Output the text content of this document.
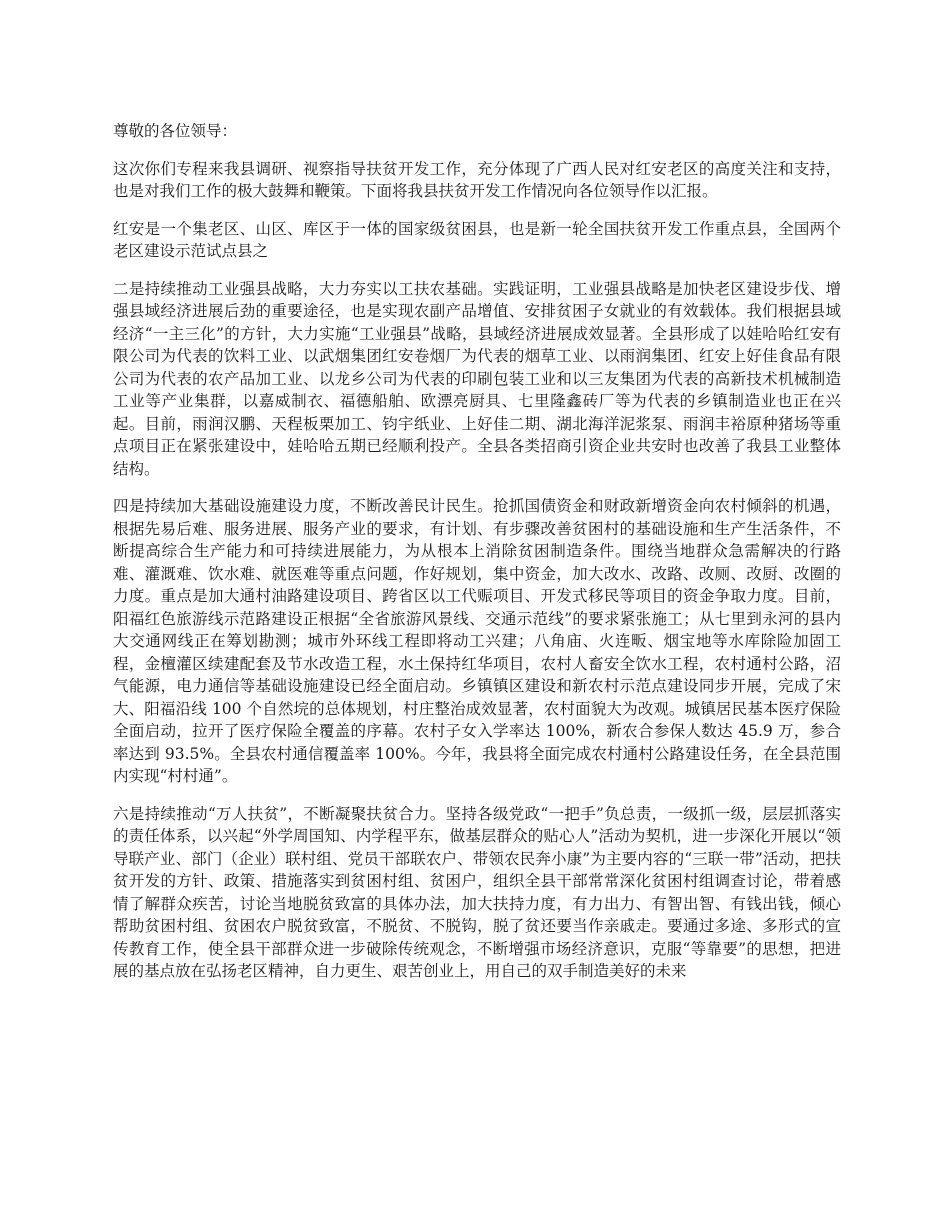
尊敬的各位领导：

这次你们专程来我县调研、视察指导扶贫开发工作，充分体现了广西人民对红安老区的高度关注和支持，也是对我们工作的极大鼓舞和鞭策。下面将我县扶贫开发工作情况向各位领导作以汇报。

红安是一个集老区、山区、库区于一体的国家级贫困县，也是新一轮全国扶贫开发工作重点县，全国两个老区建设示范试点县之

二是持续推动工业强县战略，大力夯实以工扶农基础。实践证明，工业强县战略是加快老区建设步伐、增强县域经济进展后劲的重要途径，也是实现农副产品增值、安排贫困子女就业的有效载体。我们根据县域经济“一主三化”的方针，大力实施“工业强县”战略，县域经济进展成效显著。全县形成了以娃哈哈红安有限公司为代表的饮料工业、以武烟集团红安卷烟厂为代表的烟草工业、以雨润集团、红安上好佳食品有限公司为代表的农产品加工业、以龙乡公司为代表的印刷包装工业和以三友集团为代表的高新技术机械制造工业等产业集群，以嘉威制衣、福德船舶、欧漂亮厨具、七里隆鑫砖厂等为代表的乡镇制造业也正在兴起。目前，雨润汉鹏、天程板栗加工、钧宇纸业、上好佳二期、湖北海洋泥浆泵、雨润丰裕原种猪场等重点项目正在紧张建设中，娃哈哈五期已经顺利投产。全县各类招商引资企业共安时也改善了我县工业整体结构。

四是持续加大基础设施建设力度，不断改善民计民生。抢抓国债资金和财政新增资金向农村倾斜的机遇，根据先易后难、服务进展、服务产业的要求，有计划、有步骤改善贫困村的基础设施和生产生活条件，不断提高综合生产能力和可持续进展能力，为从根本上消除贫困制造条件。围绕当地群众急需解决的行路难、灌溉难、饮水难、就医难等重点问题，作好规划，集中资金，加大改水、改路、改厕、改厨、改圈的力度。重点是加大通村油路建设项目、跨省区以工代赈项目、开发式移民等项目的资金争取力度。目前，阳福红色旅游线示范路建设正根据“全省旅游风景线、交通示范线”的要求紧张施工；从七里到永河的县内大交通网线正在筹划勘测；城市外环线工程即将动工兴建；八角庙、火连畈、烟宝地等水库除险加固工程，金檀灌区续建配套及节水改造工程，水土保持红华项目，农村人畜安全饮水工程，农村通村公路，沼气能源，电力通信等基础设施建设已经全面启动。乡镇镇区建设和新农村示范点建设同步开展，完成了宋大、阳福沿线 100 个自然垸的总体规划，村庄整治成效显著，农村面貌大为改观。城镇居民基本医疗保险全面启动，拉开了医疗保险全覆盖的序幕。农村子女入学率达 100%，新农合参保人数达 45.9 万，参合率达到 93.5%。全县农村通信覆盖率 100%。今年，我县将全面完成农村通村公路建设任务，在全县范围内实现“村村通”。

六是持续推动“万人扶贫”，不断凝聚扶贫合力。坚持各级党政“一把手”负总责，一级抓一级，层层抓落实的责任体系，以兴起“外学周国知、内学程平东，做基层群众的贴心人”活动为契机，进一步深化开展以“领导联产业、部门（企业）联村组、党员干部联农户、带领农民奔小康”为主要内容的“三联一带”活动，把扶贫开发的方针、政策、措施落实到贫困村组、贫困户，组织全县干部常常深化贫困村组调查讨论，带着感情了解群众疾苦，讨论当地脱贫致富的具体办法，加大扶持力度，有力出力、有智出智、有钱出钱，倾心帮助贫困村组、贫困农户脱贫致富，不脱贫、不脱钩，脱了贫还要当作亲戚走。要通过多途、多形式的宣传教育工作，使全县干部群众进一步破除传统观念，不断增强市场经济意识，克服“等靠要”的思想，把进展的基点放在弘扬老区精神，自力更生、艰苦创业上，用自己的双手制造美好的未来
